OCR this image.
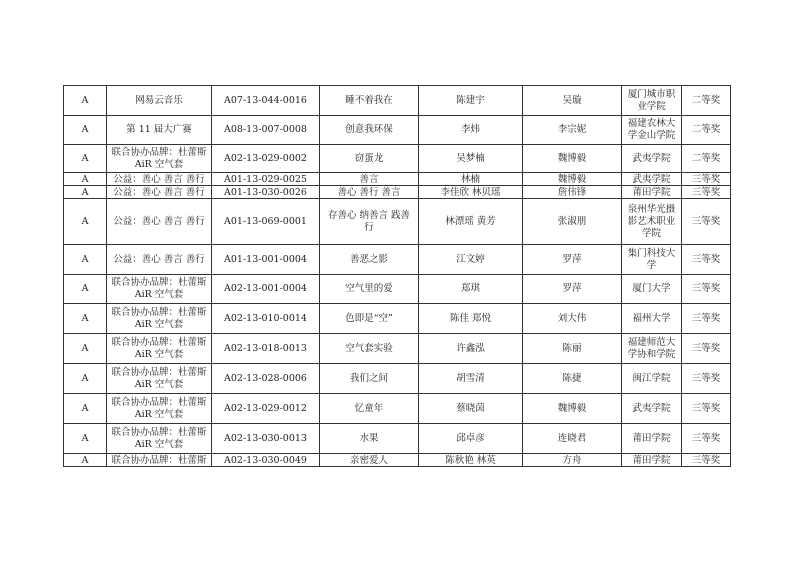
A	网易云音乐	A07-13-044-0016	睡不着我在	陈建宇	吴璇	厦门城市职
业学院	二等奖
A	第 11 届大广赛	A08-13-007-0008	创意我环保	李炜	李宗妮	福建农林大
学金山学院	二等奖
A	联合协办品牌：杜蕾斯
AiR 空气套	A02-13-029-0002	窃蛋龙	吴梦楠	魏博毅	武夷学院	二等奖
A	公益：善心 善言 善行	A01-13-029-0025	善言	林楠	魏博毅	武夷学院	三等奖
A	公益：善心 善言 善行	A01-13-030-0026	善心 善行 善言	李佳欣 林贝瑶	詹伟锋	莆田学院	三等奖
A	公益：善心 善言 善行	A01-13-069-0001	存善心 纳善言 践善
行	林漂瑶 黄芳	张淑朋	泉州华光摄
影艺术职业
学院	三等奖
A	公益：善心 善言 善行	A01-13-001-0004	善恶之影	江文婷	罗萍	集门科技大
学	三等奖
A	联合协办品牌：杜蕾斯
AiR 空气套	A02-13-001-0004	空气里的爱	郑琪	罗萍	厦门大学	三等奖
A	联合协办品牌：杜蕾斯
AiR 空气套	A02-13-010-0014	色即是“空”	陈佳 郑悦	刘大伟	福州大学	三等奖
A	联合协办品牌：杜蕾斯
AiR 空气套	A02-13-018-0013	空气套实验	许鑫泓	陈丽	福建师范大
学协和学院	三等奖
A	联合协办品牌：杜蕾斯
AiR 空气套	A02-13-028-0006	我们之间	胡雪清	陈捷	闽江学院	三等奖
A	联合协办品牌：杜蕾斯
AiR 空气套	A02-13-029-0012	忆童年	蔡晓茵	魏博毅	武夷学院	三等奖
A	联合协办品牌：杜蕾斯
AiR 空气套	A02-13-030-0013	水果	邱卓彦	连晓君	莆田学院	三等奖
A	联合协办品牌：杜蕾斯	A02-13-030-0049	亲密爱人	陈秋艳 林英	方舟	莆田学院	三等奖
